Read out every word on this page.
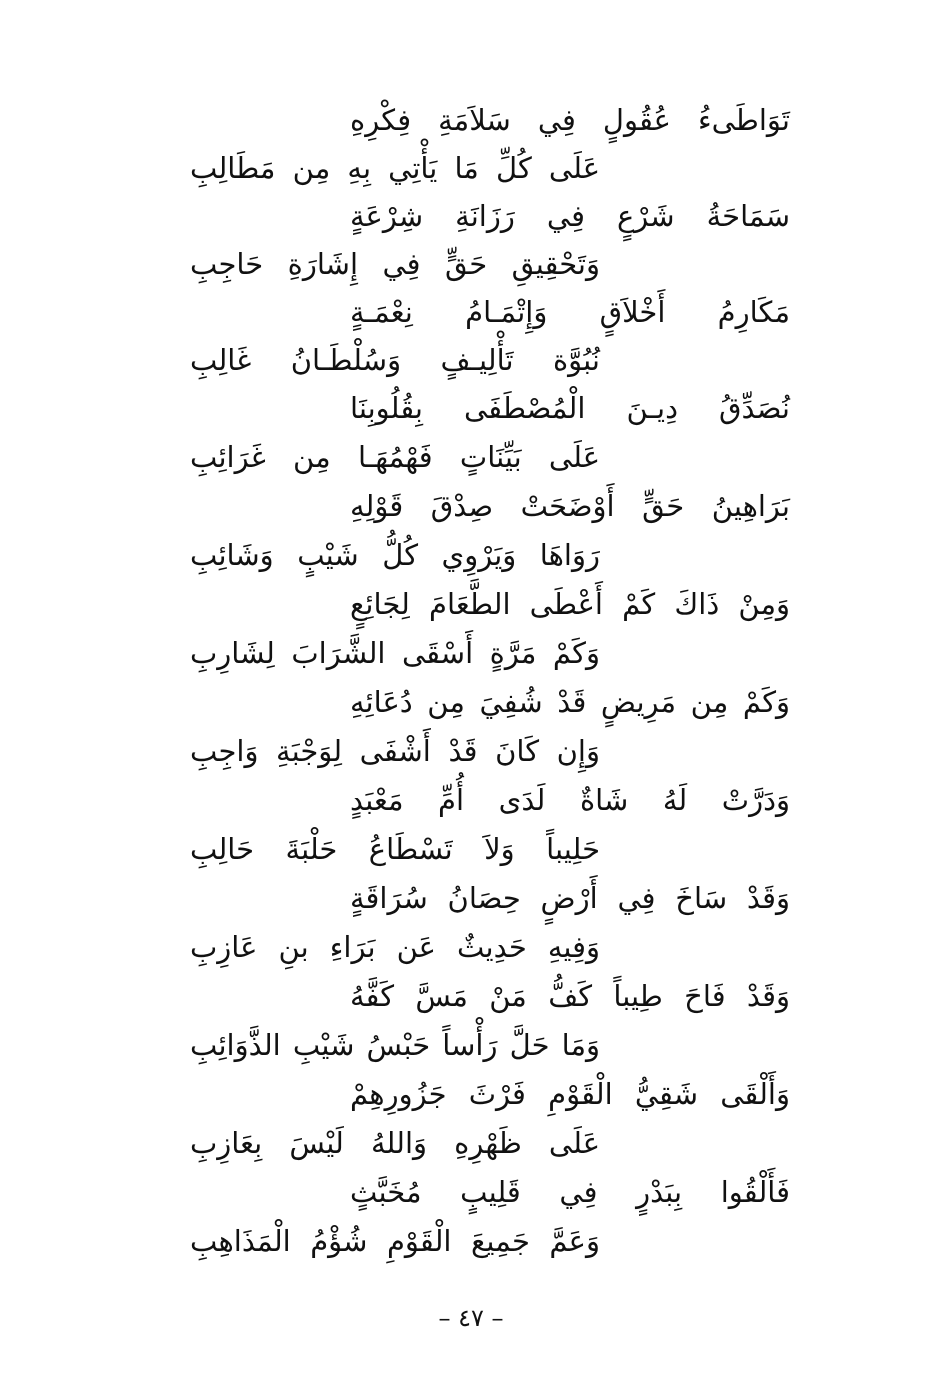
تَوَاطَىءُ عُقُولٍ فِي سَلاَمَةِ فِكْرِهِ
عَلَى كُلِّ مَا يَأْتِي بِهِ مِن مَطَالِبِ
سَمَاحَةُ شَرْعٍ فِي رَزَانَةِ شِرْعَةٍ
وَتَحْقِيقِ حَقٍّ فِي إِشَارَةِ حَاجِبِ
مَكَارِمُ أَخْلاَقٍ وَإِتْمَـامُ نِعْمَـةٍ
نُبُوَّة تَأْلِيـفٍ وَسُلْطَـانُ غَالِبِ
نُصَدِّقُ دِيـنَ الْمُصْطَفَى بِقُلُوبِنَا
عَلَى بَيِّنَاتٍ فَهْمُهَـا مِن غَرَائِبِ
بَرَاهِينُ حَقٍّ أَوْضَحَتْ صِدْقَ قَوْلِهِ
رَوَاهَا وَيَرْوِي كُلُّ شَيْبٍ وَشَائِبِ
وَمِنْ ذَاكَ كَمْ أَعْطَى الطَّعَامَ لِجَائِعٍ
وَكَمْ مَرَّةٍ أَسْقَى الشَّرَابَ لِشَارِبِ
وَكَمْ مِن مَرِيضٍ قَدْ شُفِيَ مِن دُعَائِهِ
وَإِن كَانَ قَدْ أَشْفَى لِوَجْبَةِ وَاجِبِ
وَدَرَّتْ لَهُ شَاةٌ لَدَى أُمِّ مَعْبَدٍ
حَلِيباً وَلاَ تَسْطَاعُ حَلْبَةَ حَالِبِ
وَقَدْ سَاخَ فِي أَرْضٍ حِصَانُ سُرَاقَةٍ
وَفِيهِ حَدِيثٌ عَن بَرَاءِ بنِ عَازِبِ
وَقَدْ فَاحَ طِيباً كَفُّ مَنْ مَسَّ كَفَّهُ
وَمَا حَلَّ رَأْساً حَبْسُ شَيْبِ الذَّوَائِبِ
وَأَلْقَى شَقِيُّ الْقَوْمِ فَرْثَ جَزُورِهِمْ
عَلَى ظَهْرِهِ وَاللهُ لَيْسَ بِعَازِبِ
فَأَلْقُوا بِبَدْرٍ فِي قَلِيبٍ مُخَبَّثٍ
وَعَمَّ جَمِيعَ الْقَوْمِ شُؤْمُ الْمَذَاهِبِ
– ٤٧ –
